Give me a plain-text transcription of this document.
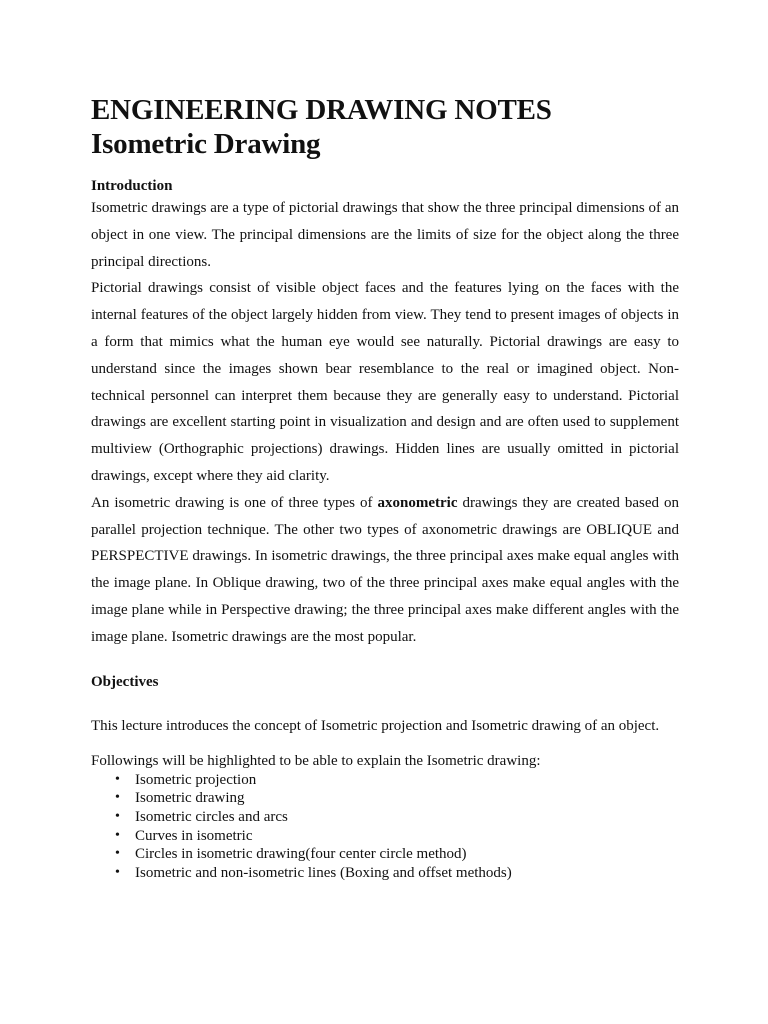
ENGINEERING DRAWING NOTES
Isometric Drawing
Introduction

Isometric drawings are a type of pictorial drawings that show the three principal dimensions of an object in one view. The principal dimensions are the limits of size for the object along the three principal directions.

Pictorial drawings consist of visible object faces and the features lying on the faces with the internal features of the object largely hidden from view. They tend to present images of objects in a form that mimics what the human eye would see naturally. Pictorial drawings are easy to understand since the images shown bear resemblance to the real or imagined object. Non-technical personnel can interpret them because they are generally easy to understand. Pictorial drawings are excellent starting point in visualization and design and are often used to supplement multiview (Orthographic projections) drawings. Hidden lines are usually omitted in pictorial drawings, except where they aid clarity.

An isometric drawing is one of three types of axonometric drawings they are created based on parallel projection technique. The other two types of axonometric drawings are OBLIQUE and PERSPECTIVE drawings. In isometric drawings, the three principal axes make equal angles with the image plane. In Oblique drawing, two of the three principal axes make equal angles with the image plane while in Perspective drawing; the three principal axes make different angles with the image plane. Isometric drawings are the most popular.

Objectives

This lecture introduces the concept of Isometric projection and Isometric drawing of an object.

Followings will be highlighted to be able to explain the Isometric drawing:

• Isometric projection
• Isometric drawing
• Isometric circles and arcs
• Curves in isometric
• Circles in isometric drawing(four center circle method)
• Isometric and non-isometric lines (Boxing and offset methods)
